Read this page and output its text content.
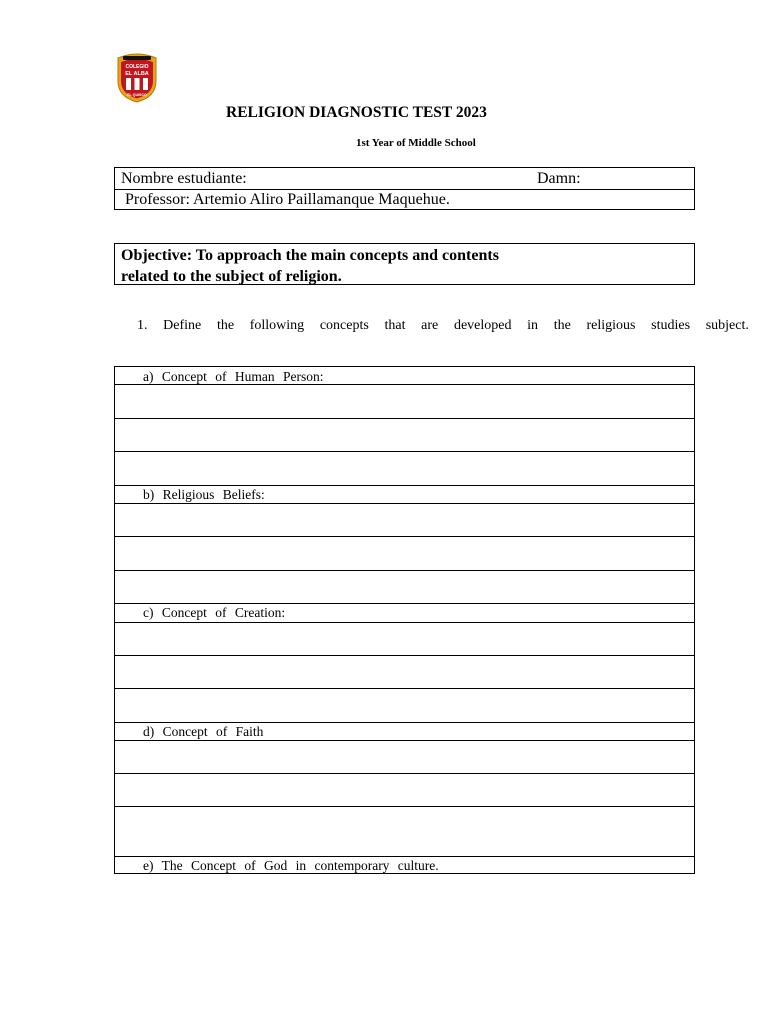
COLEGIO
EL ALBA
EL QUISCO
RELIGION DIAGNOSTIC TEST 2023
1st Year of Middle School
Nombre estudiante:	Damn:
Professor: Artemio Aliro Paillamanque Maquehue.
Objective: To approach the main concepts and contents
related to the subject of religion.
1. Define the following concepts that are developed in the religious studies subject.
a) Concept of Human Person:
b) Religious Beliefs:
c) Concept of Creation:
d) Concept of Faith
e) The Concept of God in contemporary culture.
